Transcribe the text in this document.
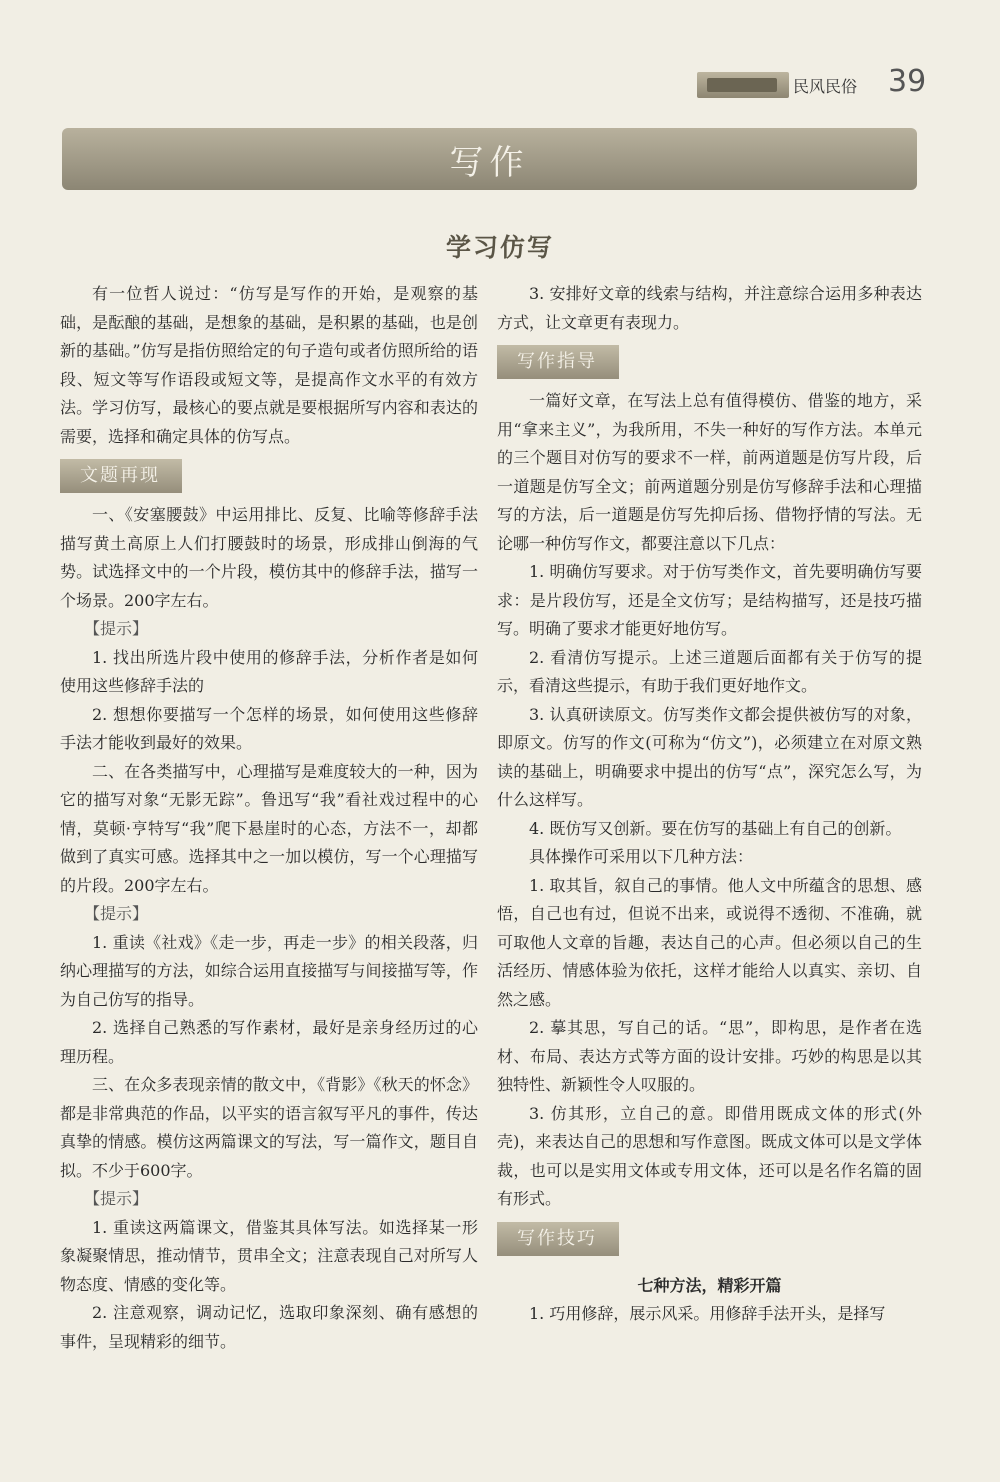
民风民俗 39
写作
学习仿写

有一位哲人说过：“仿写是写作的开始，是观察的基础，是酝酿的基础，是想象的基础，是积累的基础，也是创新的基础。”仿写是指仿照给定的句子造句或者仿照所给的语段、短文等写作语段或短文等，是提高作文水平的有效方法。学习仿写，最核心的要点就是要根据所写内容和表达的需要，选择和确定具体的仿写点。

文题再现

一、《安塞腰鼓》中运用排比、反复、比喻等修辞手法描写黄土高原上人们打腰鼓时的场景，形成排山倒海的气势。试选择文中的一个片段，模仿其中的修辞手法，描写一个场景。200字左右。

【提示】

1. 找出所选片段中使用的修辞手法，分析作者是如何使用这些修辞手法的

2. 想想你要描写一个怎样的场景，如何使用这些修辞手法才能收到最好的效果。

二、在各类描写中，心理描写是难度较大的一种，因为它的描写对象“无影无踪”。鲁迅写“我”看社戏过程中的心情，莫顿·亨特写“我”爬下悬崖时的心态，方法不一，却都做到了真实可感。选择其中之一加以模仿，写一个心理描写的片段。200字左右。

【提示】

1. 重读《社戏》《走一步，再走一步》的相关段落，归纳心理描写的方法，如综合运用直接描写与间接描写等，作为自己仿写的指导。

2. 选择自己熟悉的写作素材，最好是亲身经历过的心理历程。

三、在众多表现亲情的散文中，《背影》《秋天的怀念》都是非常典范的作品，以平实的语言叙写平凡的事件，传达真挚的情感。模仿这两篇课文的写法，写一篇作文，题目自拟。不少于600字。

【提示】

1. 重读这两篇课文，借鉴其具体写法。如选择某一形象凝聚情思，推动情节，贯串全文；注意表现自己对所写人物态度、情感的变化等。

2. 注意观察，调动记忆，选取印象深刻、确有感想的事件，呈现精彩的细节。

3. 安排好文章的线索与结构，并注意综合运用多种表达方式，让文章更有表现力。

写作指导

一篇好文章，在写法上总有值得模仿、借鉴的地方，采用“拿来主义”，为我所用，不失一种好的写作方法。本单元的三个题目对仿写的要求不一样，前两道题是仿写片段，后一道题是仿写全文；前两道题分别是仿写修辞手法和心理描写的方法，后一道题是仿写先抑后扬、借物抒情的写法。无论哪一种仿写作文，都要注意以下几点：

1. 明确仿写要求。对于仿写类作文，首先要明确仿写要求：是片段仿写，还是全文仿写；是结构描写，还是技巧描写。明确了要求才能更好地仿写。

2. 看清仿写提示。上述三道题后面都有关于仿写的提示，看清这些提示，有助于我们更好地作文。

3. 认真研读原文。仿写类作文都会提供被仿写的对象，即原文。仿写的作文(可称为“仿文”)，必须建立在对原文熟读的基础上，明确要求中提出的仿写“点”，深究怎么写，为什么这样写。

4. 既仿写又创新。要在仿写的基础上有自己的创新。

具体操作可采用以下几种方法：

1. 取其旨，叙自己的事情。他人文中所蕴含的思想、感悟，自己也有过，但说不出来，或说得不透彻、不准确，就可取他人文章的旨趣，表达自己的心声。但必须以自己的生活经历、情感体验为依托，这样才能给人以真实、亲切、自然之感。

2. 摹其思，写自己的话。“思”，即构思，是作者在选材、布局、表达方式等方面的设计安排。巧妙的构思是以其独特性、新颖性令人叹服的。

3. 仿其形，立自己的意。即借用既成文体的形式(外壳)，来表达自己的思想和写作意图。既成文体可以是文学体裁，也可以是实用文体或专用文体，还可以是名作名篇的固有形式。

写作技巧
七种方法，精彩开篇

1. 巧用修辞，展示风采。用修辞手法开头，是择写
